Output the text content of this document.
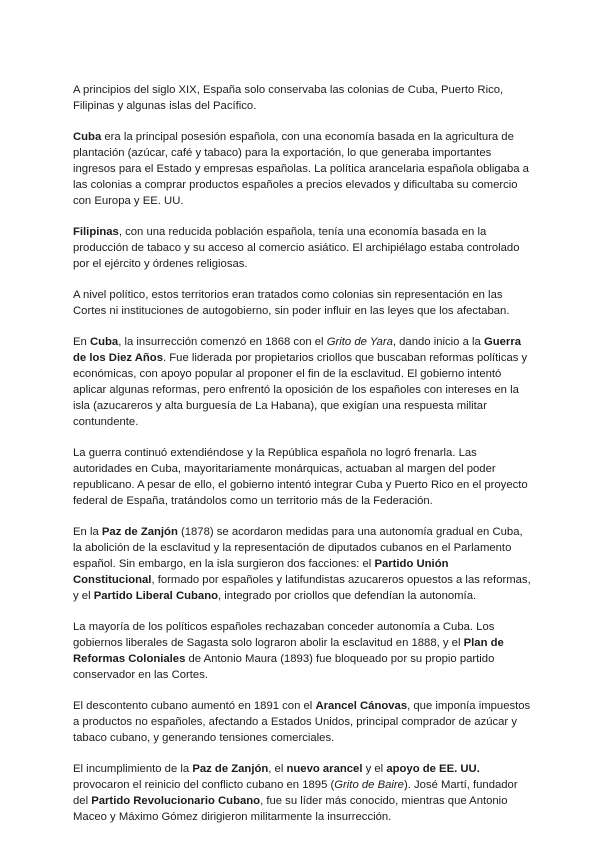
A principios del siglo XIX, España solo conservaba las colonias de Cuba, Puerto Rico, Filipinas y algunas islas del Pacífico.

Cuba era la principal posesión española, con una economía basada en la agricultura de plantación (azúcar, café y tabaco) para la exportación, lo que generaba importantes ingresos para el Estado y empresas españolas. La política arancelaria española obligaba a las colonias a comprar productos españoles a precios elevados y dificultaba su comercio con Europa y EE. UU.

Filipinas, con una reducida población española, tenía una economía basada en la producción de tabaco y su acceso al comercio asiático. El archipiélago estaba controlado por el ejército y órdenes religiosas.

A nivel político, estos territorios eran tratados como colonias sin representación en las Cortes ni instituciones de autogobierno, sin poder influir en las leyes que los afectaban.

En Cuba, la insurrección comenzó en 1868 con el Grito de Yara, dando inicio a la Guerra de los Diez Años. Fue liderada por propietarios criollos que buscaban reformas políticas y económicas, con apoyo popular al proponer el fin de la esclavitud. El gobierno intentó aplicar algunas reformas, pero enfrentó la oposición de los españoles con intereses en la isla (azucareros y alta burguesía de La Habana), que exigían una respuesta militar contundente.

La guerra continuó extendiéndose y la República española no logró frenarla. Las autoridades en Cuba, mayoritariamente monárquicas, actuaban al margen del poder republicano. A pesar de ello, el gobierno intentó integrar Cuba y Puerto Rico en el proyecto federal de España, tratándolos como un territorio más de la Federación.

En la Paz de Zanjón (1878) se acordaron medidas para una autonomía gradual en Cuba, la abolición de la esclavitud y la representación de diputados cubanos en el Parlamento español. Sin embargo, en la isla surgieron dos facciones: el Partido Unión Constitucional, formado por españoles y latifundistas azucareros opuestos a las reformas, y el Partido Liberal Cubano, integrado por criollos que defendían la autonomía.

La mayoría de los políticos españoles rechazaban conceder autonomía a Cuba. Los gobiernos liberales de Sagasta solo lograron abolir la esclavitud en 1888, y el Plan de Reformas Coloniales de Antonio Maura (1893) fue bloqueado por su propio partido conservador en las Cortes.

El descontento cubano aumentó en 1891 con el Arancel Cánovas, que imponía impuestos a productos no españoles, afectando a Estados Unidos, principal comprador de azúcar y tabaco cubano, y generando tensiones comerciales.

El incumplimiento de la Paz de Zanjón, el nuevo arancel y el apoyo de EE. UU. provocaron el reinicio del conflicto cubano en 1895 (Grito de Baire). José Martí, fundador del Partido Revolucionario Cubano, fue su líder más conocido, mientras que Antonio Maceo y Máximo Gómez dirigieron militarmente la insurrección.
